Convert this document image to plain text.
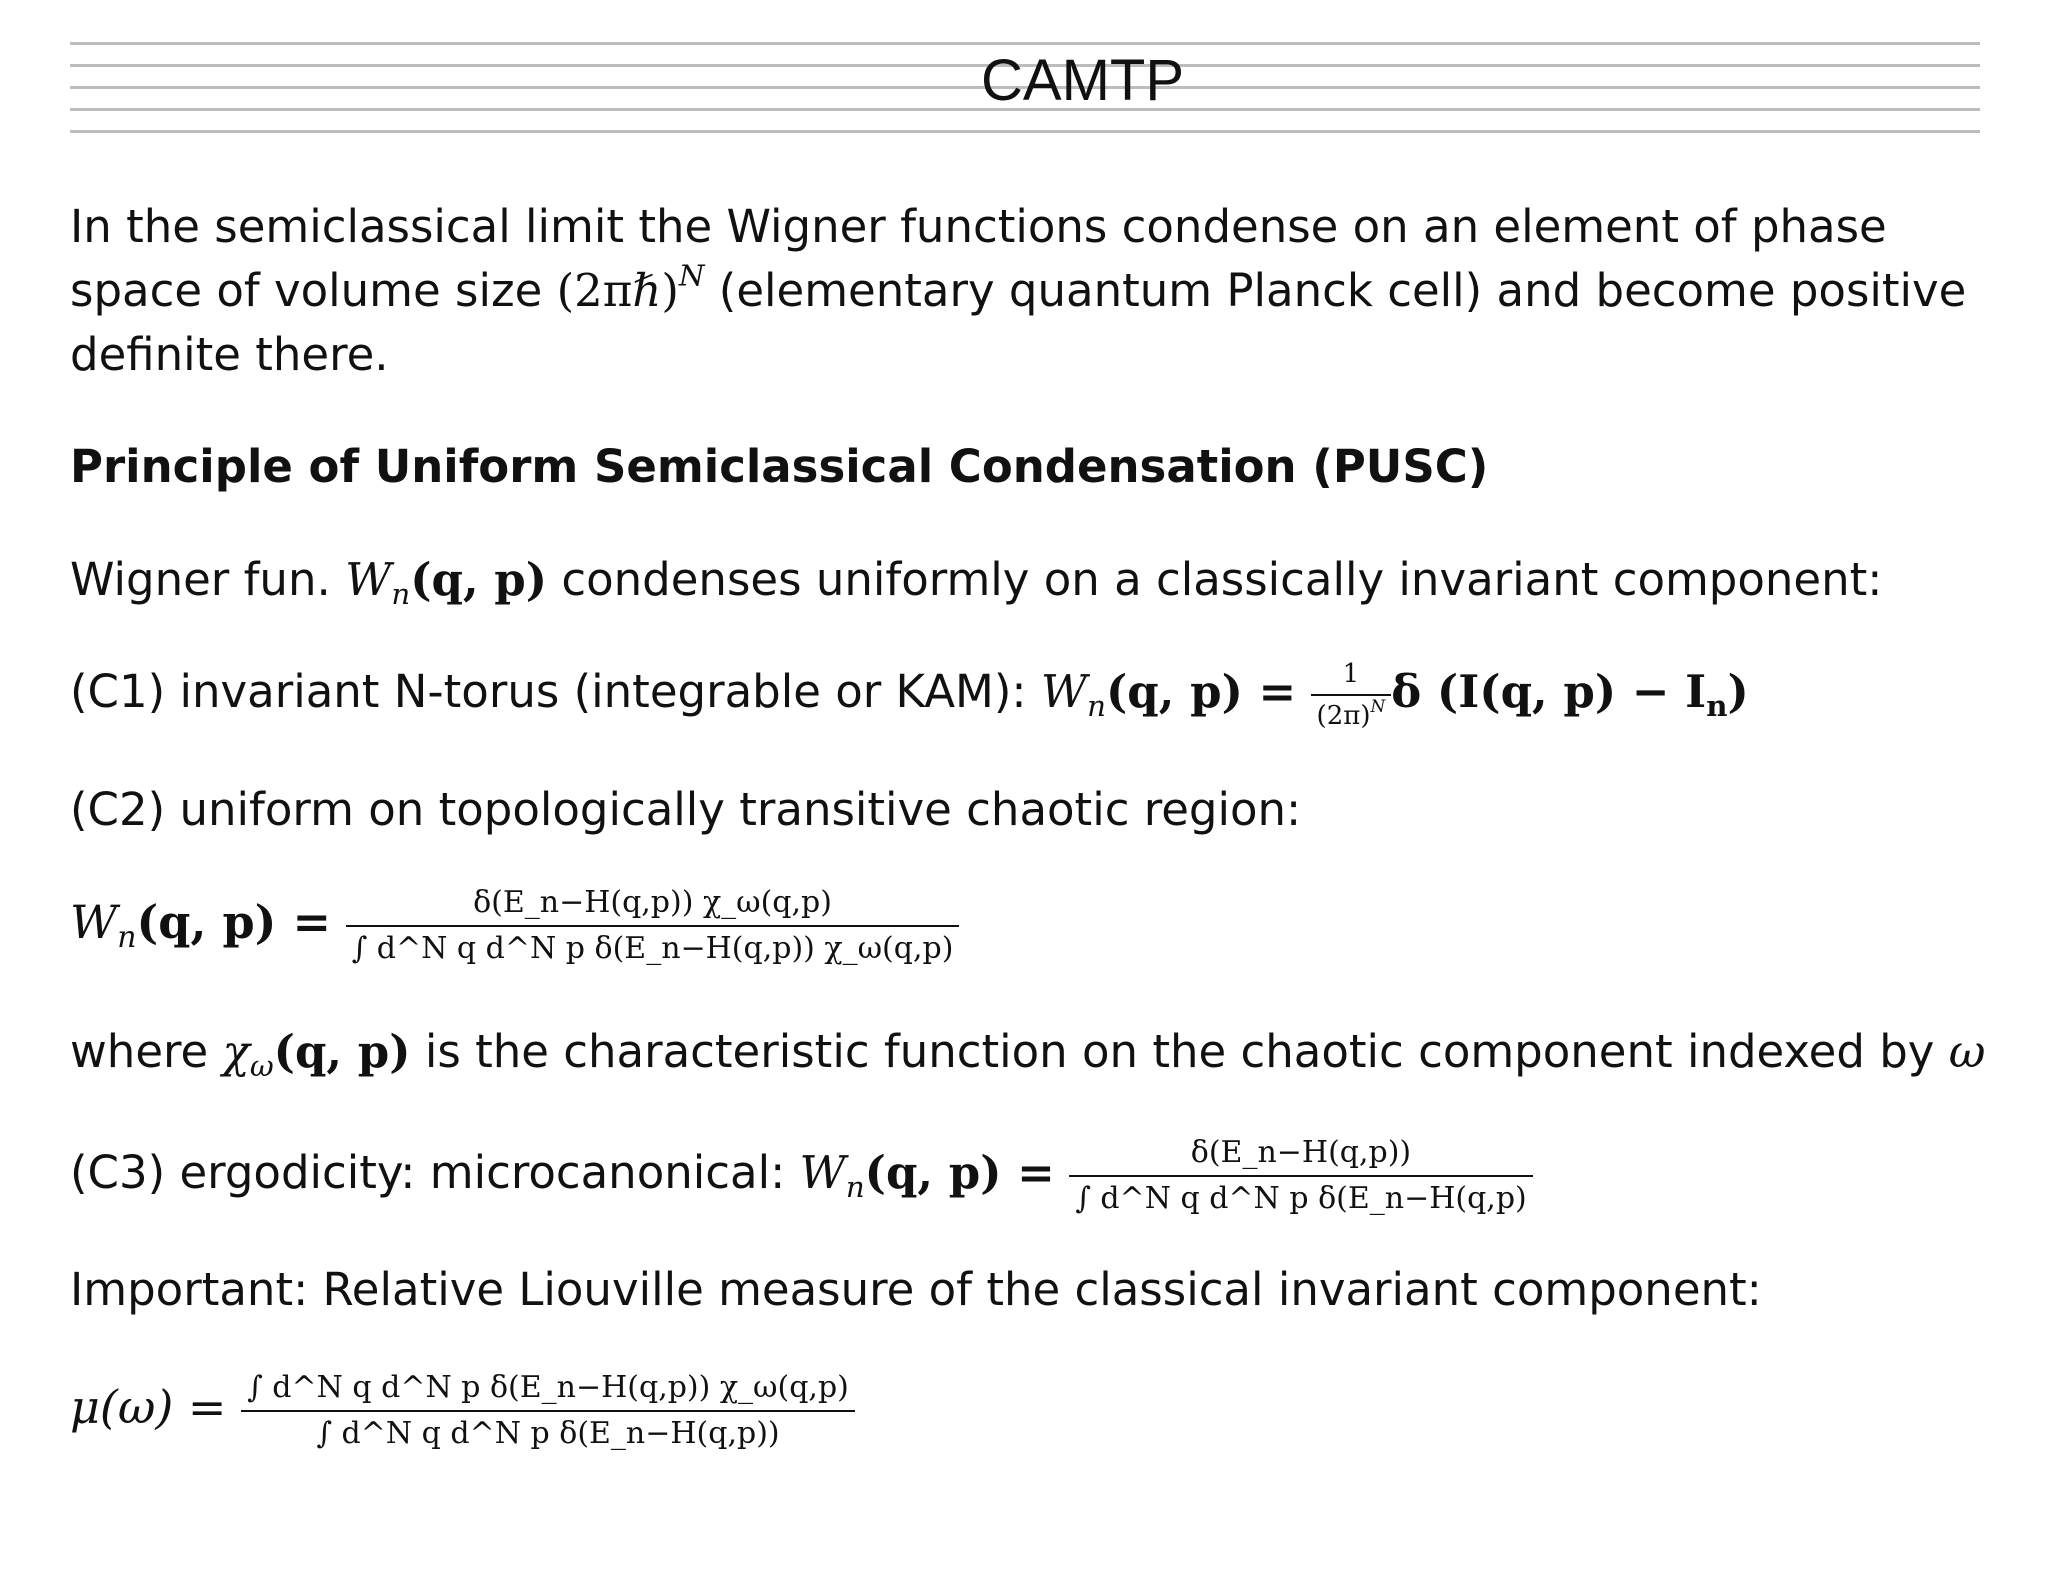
CAMTP
In the semiclassical limit the Wigner functions condense on an element of phase
space of volume size (2πℏ)$^N$ (elementary quantum Planck cell) and become positive
definite there.
Principle of Uniform Semiclassical Condensation (PUSC)
Wigner fun. $W_n(q$, p) condenses uniformly on a classically invariant component:
(C1) invariant N-torus (integrable or KAM): $W_n(q$, $p) = \frac{1}{(2\pi)^N}$ δ (I(q, $p) - I_n$)
(C2) uniform on topologically transitive chaotic region:
$W_n(q$, $p) = \frac{\delta(E\_n-H(q,p)) \chi\_\omega(q,p)}{\text{∫ d\textasciicircum{}N q d\textasciicircum{}N p δ(E\_n−H(q,p)) χ\_ω(q,p)}}$
where $\chi_\omega(q$, p) is the characteristic function on the chaotic component indexed by ω
(C3) ergodicity: microcanonical: $W_n(q$, $p) = \frac{\delta(E\_n-H(q,p))}{\text{∫ d\textasciicircum{}N q d\textasciicircum{}N p δ(E\_n−H(q,p)}}$
Important: Relative Liouville measure of the classical invariant component:
$\mu(\omega) = \frac{\text{∫ d\textasciicircum{}N q d\textasciicircum{}N p δ(E\_n−H(q,p)) χ\_ω(q,p)}}{\text{∫ d\textasciicircum{}N q d\textasciicircum{}N p δ(E\_n−H(q,p))}}$
